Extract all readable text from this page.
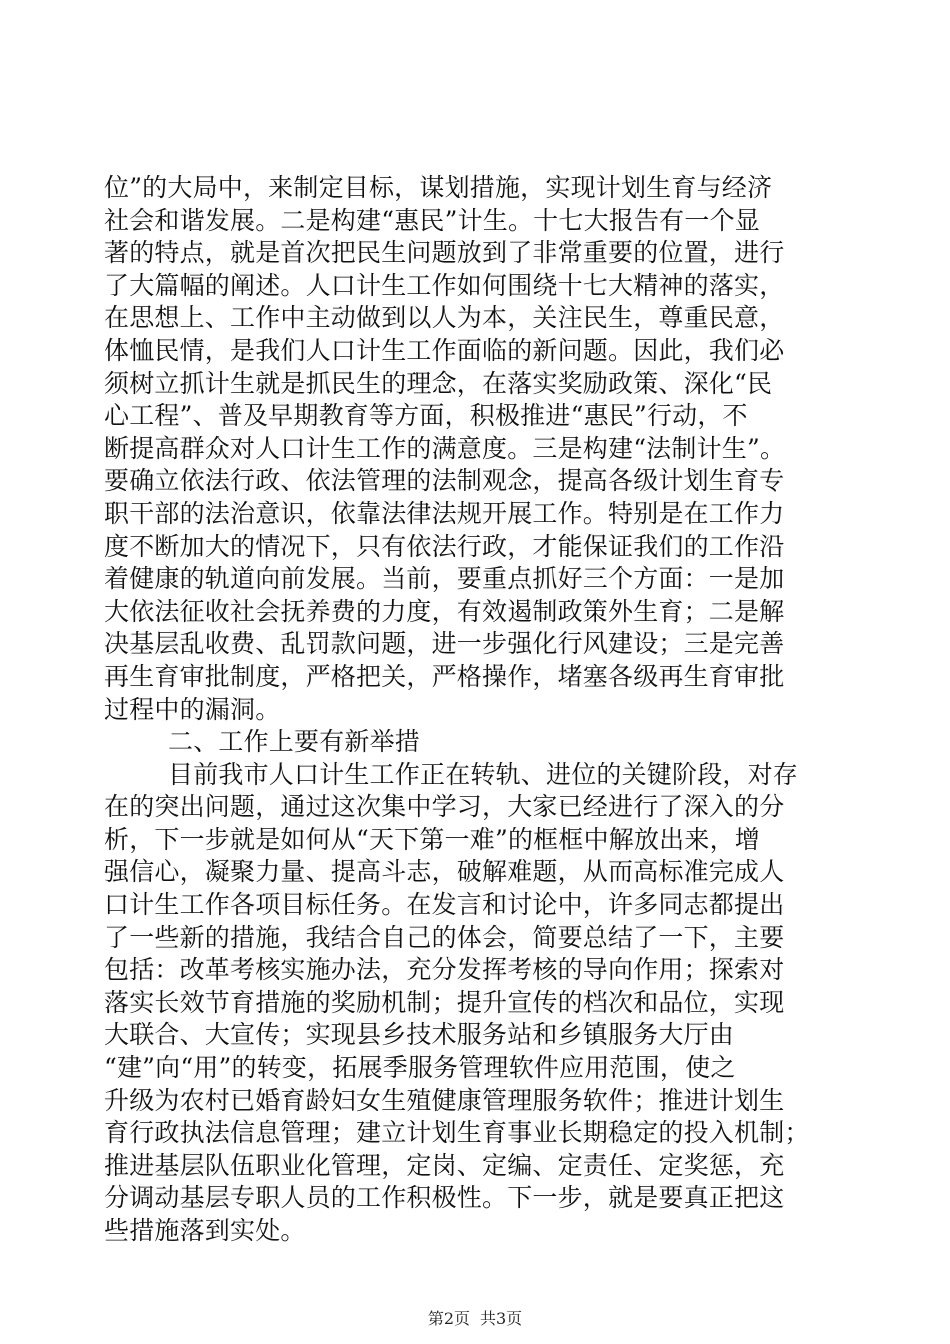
位”的大局中，来制定目标，谋划措施，实现计划生育与经济
社会和谐发展。二是构建“惠民”计生。十七大报告有一个显
著的特点，就是首次把民生问题放到了非常重要的位置，进行
了大篇幅的阐述。人口计生工作如何围绕十七大精神的落实，
在思想上、工作中主动做到以人为本，关注民生，尊重民意，
体恤民情，是我们人口计生工作面临的新问题。因此，我们必
须树立抓计生就是抓民生的理念，在落实奖励政策、深化“民
心工程”、普及早期教育等方面，积极推进“惠民”行动，不
断提高群众对人口计生工作的满意度。三是构建“法制计生”。
要确立依法行政、依法管理的法制观念，提高各级计划生育专
职干部的法治意识，依靠法律法规开展工作。特别是在工作力
度不断加大的情况下，只有依法行政，才能保证我们的工作沿
着健康的轨道向前发展。当前，要重点抓好三个方面：一是加
大依法征收社会抚养费的力度，有效遏制政策外生育；二是解
决基层乱收费、乱罚款问题，进一步强化行风建设；三是完善
再生育审批制度，严格把关，严格操作，堵塞各级再生育审批
过程中的漏洞。
二、工作上要有新举措
目前我市人口计生工作正在转轨、进位的关键阶段，对存
在的突出问题，通过这次集中学习，大家已经进行了深入的分
析，下一步就是如何从“天下第一难”的框框中解放出来，增
强信心，凝聚力量、提高斗志，破解难题，从而高标准完成人
口计生工作各项目标任务。在发言和讨论中，许多同志都提出
了一些新的措施，我结合自己的体会，简要总结了一下，主要
包括：改革考核实施办法，充分发挥考核的导向作用；探索对
落实长效节育措施的奖励机制；提升宣传的档次和品位，实现
大联合、大宣传；实现县乡技术服务站和乡镇服务大厅由
“建”向“用”的转变，拓展季服务管理软件应用范围，使之
升级为农村已婚育龄妇女生殖健康管理服务软件；推进计划生
育行政执法信息管理；建立计划生育事业长期稳定的投入机制；
推进基层队伍职业化管理，定岗、定编、定责任、定奖惩，充
分调动基层专职人员的工作积极性。下一步，就是要真正把这
些措施落到实处。
第2页 共3页
